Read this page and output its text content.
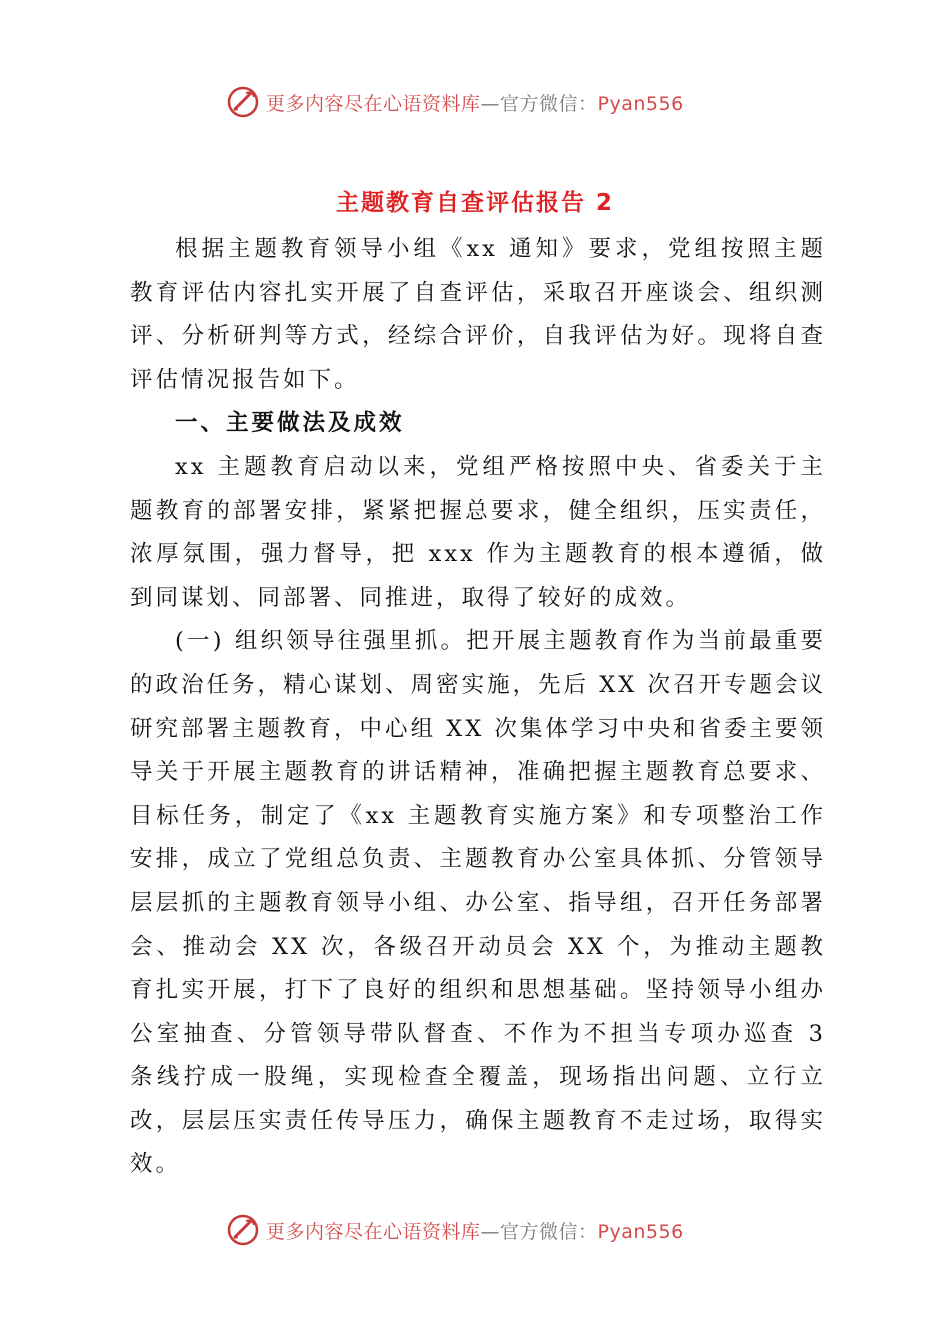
更多内容尽在心语资料库—官方微信：Pyan556
主题教育自查评估报告 2

根据主题教育领导小组《xx 通知》要求，党组按照主题教育评估内容扎实开展了自查评估，采取召开座谈会、组织测评、分析研判等方式，经综合评价，自我评估为好。现将自查评估情况报告如下。

一、主要做法及成效

xx 主题教育启动以来，党组严格按照中央、省委关于主题教育的部署安排，紧紧把握总要求，健全组织，压实责任，浓厚氛围，强力督导，把 xxx 作为主题教育的根本遵循，做到同谋划、同部署、同推进，取得了较好的成效。

(一) 组织领导往强里抓。把开展主题教育作为当前最重要的政治任务，精心谋划、周密实施，先后 XX 次召开专题会议研究部署主题教育，中心组 XX 次集体学习中央和省委主要领导关于开展主题教育的讲话精神，准确把握主题教育总要求、目标任务，制定了《xx 主题教育实施方案》和专项整治工作安排，成立了党组总负责、主题教育办公室具体抓、分管领导层层抓的主题教育领导小组、办公室、指导组，召开任务部署会、推动会 XX 次，各级召开动员会 XX 个，为推动主题教育扎实开展，打下了良好的组织和思想基础。坚持领导小组办公室抽查、分管领导带队督查、不作为不担当专项办巡查 3 条线拧成一股绳，实现检查全覆盖，现场指出问题、立行立改，层层压实责任传导压力，确保主题教育不走过场，取得实效。

更多内容尽在心语资料库—官方微信：Pyan556
